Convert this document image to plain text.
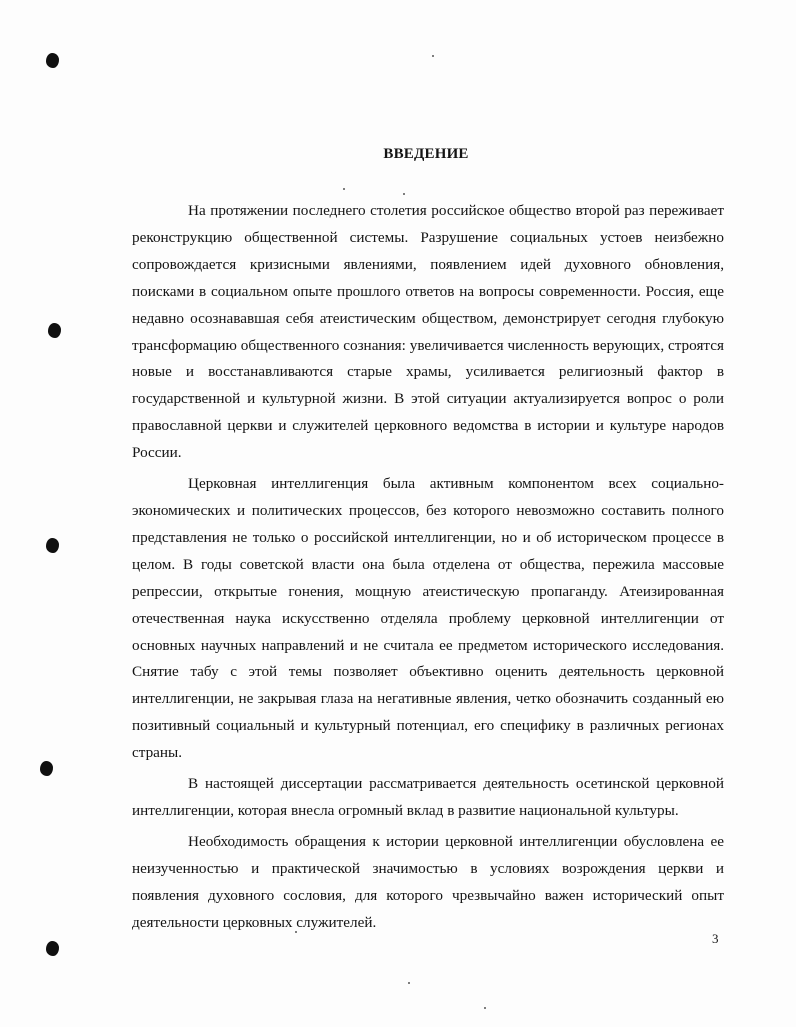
ВВЕДЕНИЕ

На протяжении последнего столетия российское общество второй раз переживает реконструкцию общественной системы. Разрушение социальных устоев неизбежно сопровождается кризисными явлениями, появлением идей духовного обновления, поисками в социальном опыте прошлого ответов на вопросы современности. Россия, еще недавно осознававшая себя атеистическим обществом, демонстрирует сегодня глубокую трансформацию общественного сознания: увеличивается численность верующих, строятся новые и восстанавливаются старые храмы, усиливается религиозный фактор в государственной и культурной жизни. В этой ситуации актуализируется вопрос о роли православной церкви и служителей церковного ведомства в истории и культуре народов России.

Церковная интеллигенция была активным компонентом всех социально-экономических и политических процессов, без которого невозможно составить полного представления не только о российской интеллигенции, но и об историческом процессе в целом. В годы советской власти она была отделена от общества, пережила массовые репрессии, открытые гонения, мощную атеистическую пропаганду. Атеизированная отечественная наука искусственно отделяла проблему церковной интеллигенции от основных научных направлений и не считала ее предметом исторического исследования. Снятие табу с этой темы позволяет объективно оценить деятельность церковной интеллигенции, не закрывая глаза на негативные явления, четко обозначить созданный ею позитивный социальный и культурный потенциал, его специфику в различных регионах страны.

В настоящей диссертации рассматривается деятельность осетинской церковной интеллигенции, которая внесла огромный вклад в развитие национальной культуры.

Необходимость обращения к истории церковной интеллигенции обусловлена ее неизученностью и практической значимостью в условиях возрождения церкви и появления духовного сословия, для которого чрезвычайно важен исторический опыт деятельности церковных служителей.

3
